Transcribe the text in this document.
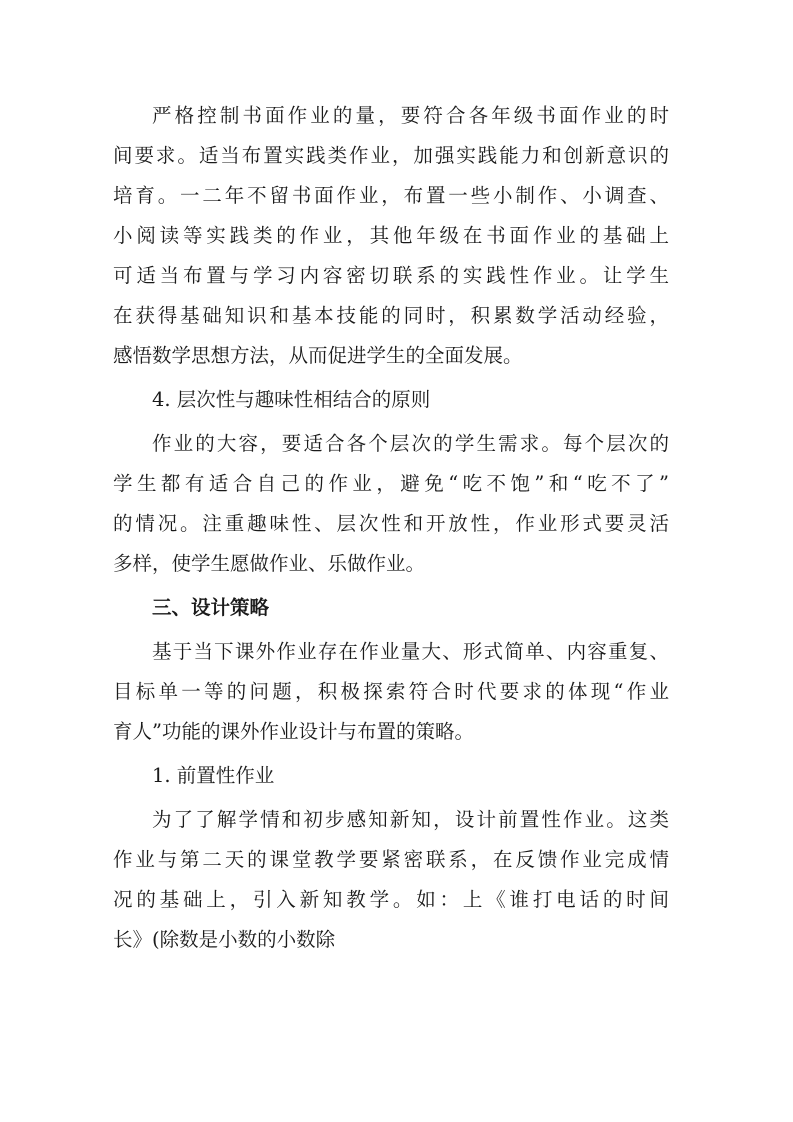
严格控制书面作业的量，要符合各年级书面作业的时
间要求。适当布置实践类作业，加强实践能力和创新意识的
培育。一二年不留书面作业，布置一些小制作、小调查、
小阅读等实践类的作业，其他年级在书面作业的基础上
可适当布置与学习内容密切联系的实践性作业。让学生
在获得基础知识和基本技能的同时，积累数学活动经验，
感悟数学思想方法，从而促进学生的全面发展。
4. 层次性与趣味性相结合的原则
作业的大容，要适合各个层次的学生需求。每个层次的
学生都有适合自己的作业，避免“吃不饱”和“吃不了”
的情况。注重趣味性、层次性和开放性，作业形式要灵活
多样，使学生愿做作业、乐做作业。
三、设计策略
基于当下课外作业存在作业量大、形式简单、内容重复、
目标单一等的问题，积极探索符合时代要求的体现“作业
育人”功能的课外作业设计与布置的策略。
1. 前置性作业
为了了解学情和初步感知新知，设计前置性作业。这类
作业与第二天的课堂教学要紧密联系，在反馈作业完成情
况的基础上，引入新知教学。如：上《谁打电话的时间
长》(除数是小数的小数除
